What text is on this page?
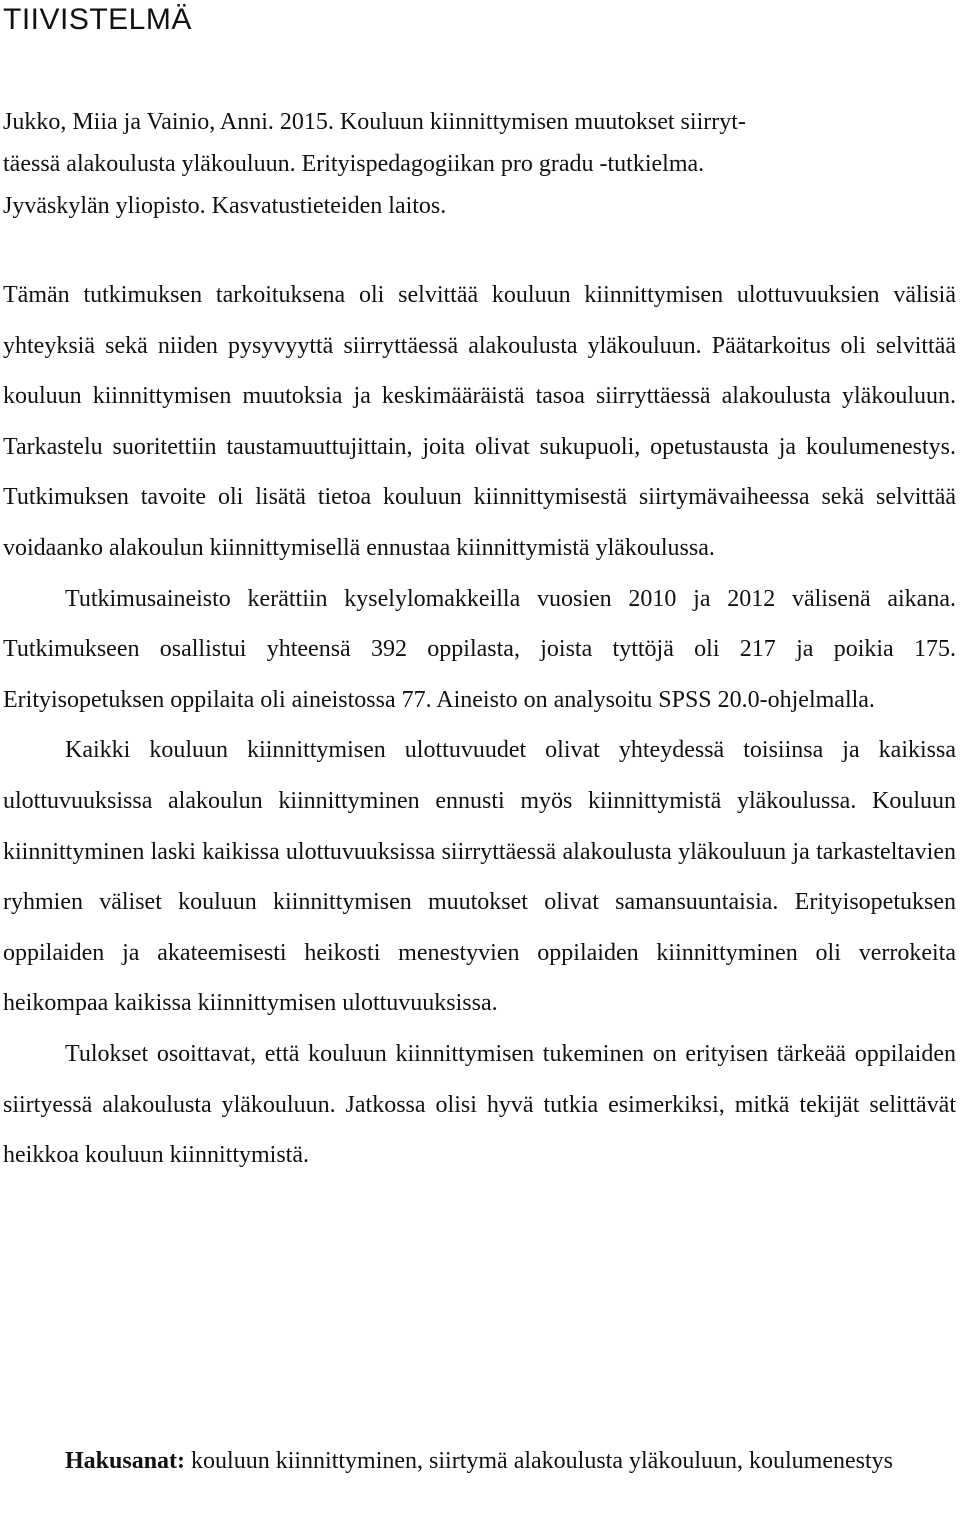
TIIVISTELMÄ
Jukko, Miia ja Vainio, Anni. 2015. Kouluun kiinnittymisen muutokset siirryt-
täessä alakoulusta yläkouluun. Erityispedagogiikan pro gradu -tutkielma.
Jyväskylän yliopisto. Kasvatustieteiden laitos.

Tämän tutkimuksen tarkoituksena oli selvittää kouluun kiinnittymisen ulottuvuuksien välisiä yhteyksiä sekä niiden pysyvyyttä siirryttäessä alakoulusta yläkouluun. Päätarkoitus oli selvittää kouluun kiinnittymisen muutoksia ja keskimääräistä tasoa siirryttäessä alakoulusta yläkouluun. Tarkastelu suoritettiin taustamuuttujittain, joita olivat sukupuoli, opetustausta ja koulumenestys. Tutkimuksen tavoite oli lisätä tietoa kouluun kiinnittymisestä siirtymävaiheessa sekä selvittää voidaanko alakoulun kiinnittymisellä ennustaa kiinnittymistä yläkoulussa.

Tutkimusaineisto kerättiin kyselylomakkeilla vuosien 2010 ja 2012 välisenä aikana. Tutkimukseen osallistui yhteensä 392 oppilasta, joista tyttöjä oli 217 ja poikia 175. Erityisopetuksen oppilaita oli aineistossa 77. Aineisto on analysoitu SPSS 20.0-ohjelmalla.

Kaikki kouluun kiinnittymisen ulottuvuudet olivat yhteydessä toisiinsa ja kaikissa ulottuvuuksissa alakoulun kiinnittyminen ennusti myös kiinnittymistä yläkoulussa. Kouluun kiinnittyminen laski kaikissa ulottuvuuksissa siirryttäessä alakoulusta yläkouluun ja tarkasteltavien ryhmien väliset kouluun kiinnittymisen muutokset olivat samansuuntaisia. Erityisopetuksen oppilaiden ja akateemisesti heikosti menestyvien oppilaiden kiinnittyminen oli verrokeita heikompaa kaikissa kiinnittymisen ulottuvuuksissa.

Tulokset osoittavat, että kouluun kiinnittymisen tukeminen on erityisen tärkeää oppilaiden siirtyessä alakoulusta yläkouluun. Jatkossa olisi hyvä tutkia esimerkiksi, mitkä tekijät selittävät heikkoa kouluun kiinnittymistä.

Hakusanat: kouluun kiinnittyminen, siirtymä alakoulusta yläkouluun, koulumenestys
